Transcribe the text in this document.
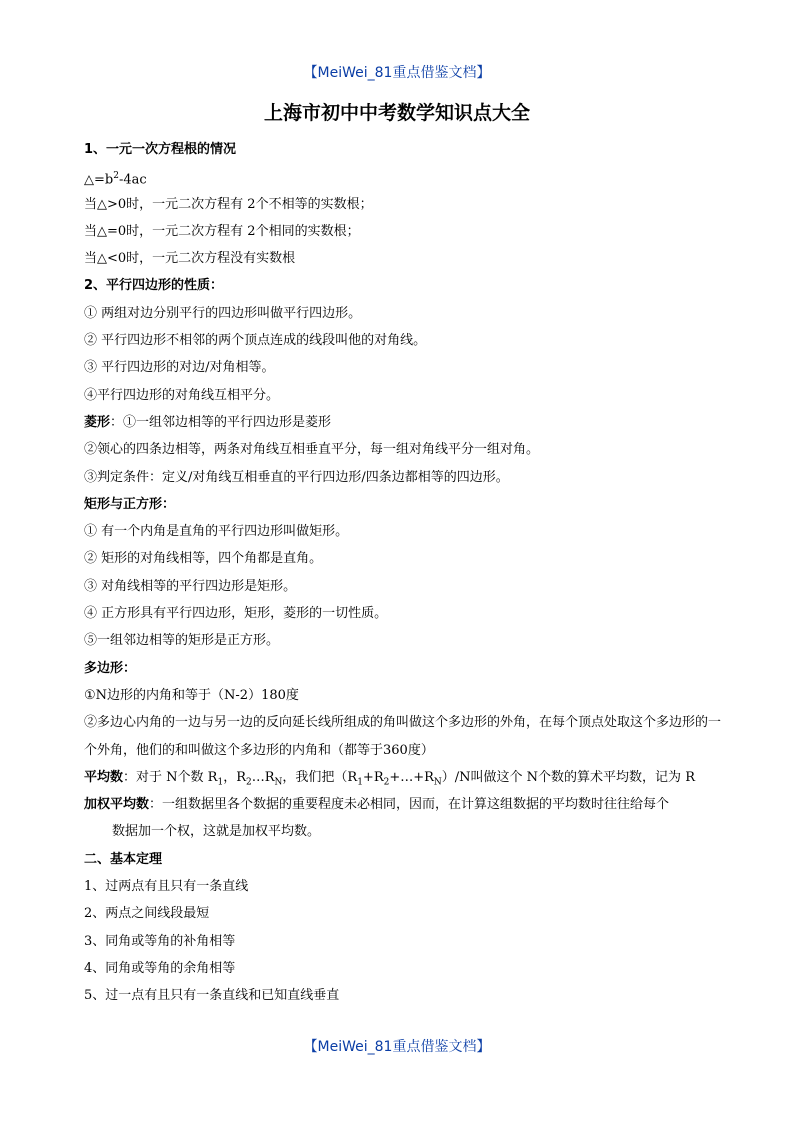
【MeiWei_81重点借鉴文档】
上海市初中中考数学知识点大全
1、一元一次方程根的情况
$\triangle=b^2-4ac$
当△>0时，一元二次方程有 2个不相等的实数根；
当△=0时，一元二次方程有 2个相同的实数根；
当△<0时，一元二次方程没有实数根
2、平行四边形的性质：
① 两组对边分别平行的四边形叫做平行四边形。
② 平行四边形不相邻的两个顶点连成的线段叫他的对角线。
③ 平行四边形的对边/对角相等。
④平行四边形的对角线互相平分。
菱形：①一组邻边相等的平行四边形是菱形
②领心的四条边相等，两条对角线互相垂直平分，每一组对角线平分一组对角。
③判定条件：定义/对角线互相垂直的平行四边形/四条边都相等的四边形。
矩形与正方形：
① 有一个内角是直角的平行四边形叫做矩形。
② 矩形的对角线相等，四个角都是直角。
③ 对角线相等的平行四边形是矩形。
④ 正方形具有平行四边形，矩形，菱形的一切性质。
⑤一组邻边相等的矩形是正方形。
多边形：
①N边形的内角和等于（N-2）180度
②多边心内角的一边与另一边的反向延长线所组成的角叫做这个多边形的外角，在每个顶点处取这个多边形的一个外角，他们的和叫做这个多边形的内角和（都等于360度）
平均数：对于 N个数 $R_1$，$R_2\dots R_N$，我们把$(R_1+R_2+\dots+R_N)/N$叫做这个 N个数的算术平均数，记为 R
加权平均数：一组数据里各个数据的重要程度未必相同，因而，在计算这组数据的平均数时往往给每个
数据加一个权，这就是加权平均数。
二、基本定理
1、过两点有且只有一条直线
2、两点之间线段最短
3、同角或等角的补角相等
4、同角或等角的余角相等
5、过一点有且只有一条直线和已知直线垂直
【MeiWei_81重点借鉴文档】
